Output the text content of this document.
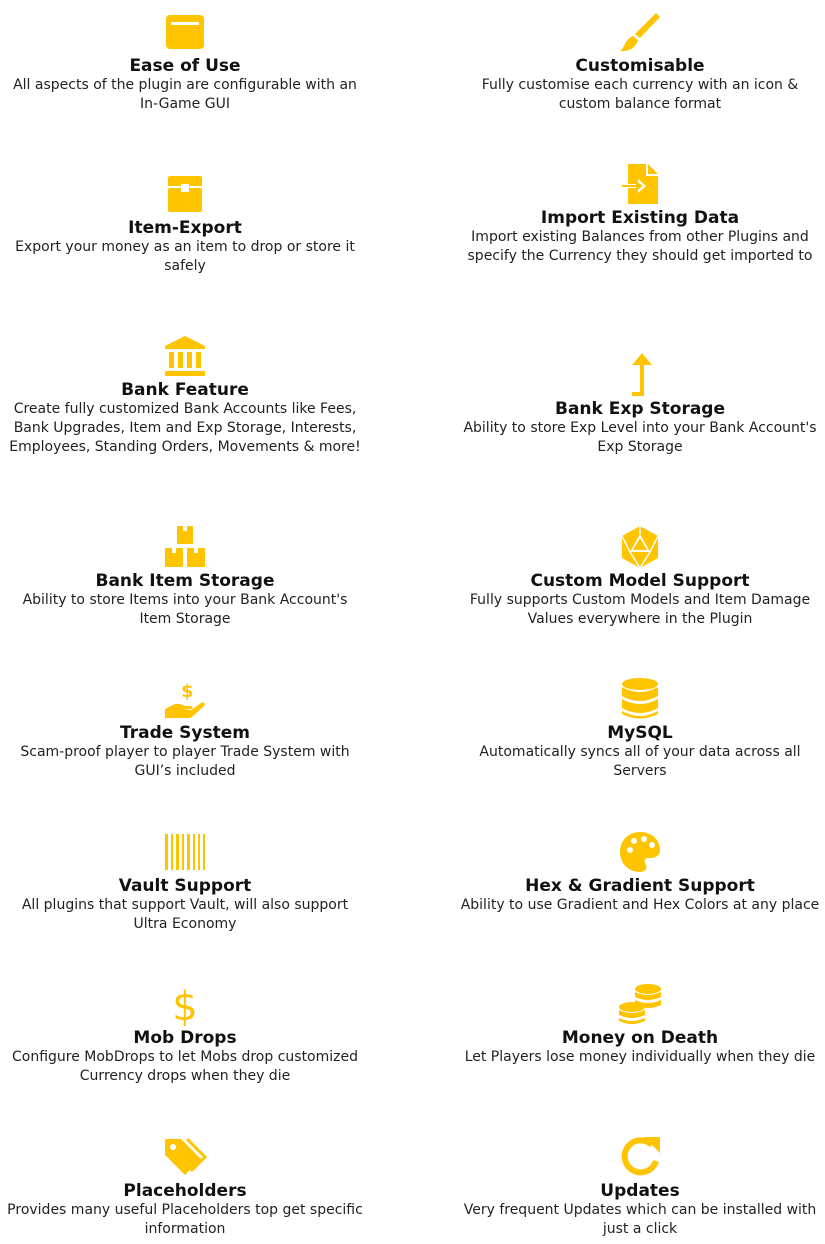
Ease of Use
All aspects of the plugin are configurable with an In-Game GUI
Customisable
Fully customise each currency with an icon & custom balance format
Item-Export
Export your money as an item to drop or store it safely
Import Existing Data
Import existing Balances from other Plugins and specify the Currency they should get imported to
Bank Feature
Create fully customized Bank Accounts like Fees, Bank Upgrades, Item and Exp Storage, Interests, Employees, Standing Orders, Movements & more!
Bank Exp Storage
Ability to store Exp Level into your Bank Account's Exp Storage
Bank Item Storage
Ability to store Items into your Bank Account's Item Storage
Custom Model Support
Fully supports Custom Models and Item Damage Values everywhere in the Plugin
$
Trade System
Scam-proof player to player Trade System with GUI’s included
MySQL
Automatically syncs all of your data across all Servers
Vault Support
All plugins that support Vault, will also support Ultra Economy
Hex & Gradient Support
Ability to use Gradient and Hex Colors at any place
$
Mob Drops
Configure MobDrops to let Mobs drop customized Currency drops when they die
Money on Death
Let Players lose money individually when they die
Placeholders
Provides many useful Placeholders top get specific information
Updates
Very frequent Updates which can be installed with just a click
